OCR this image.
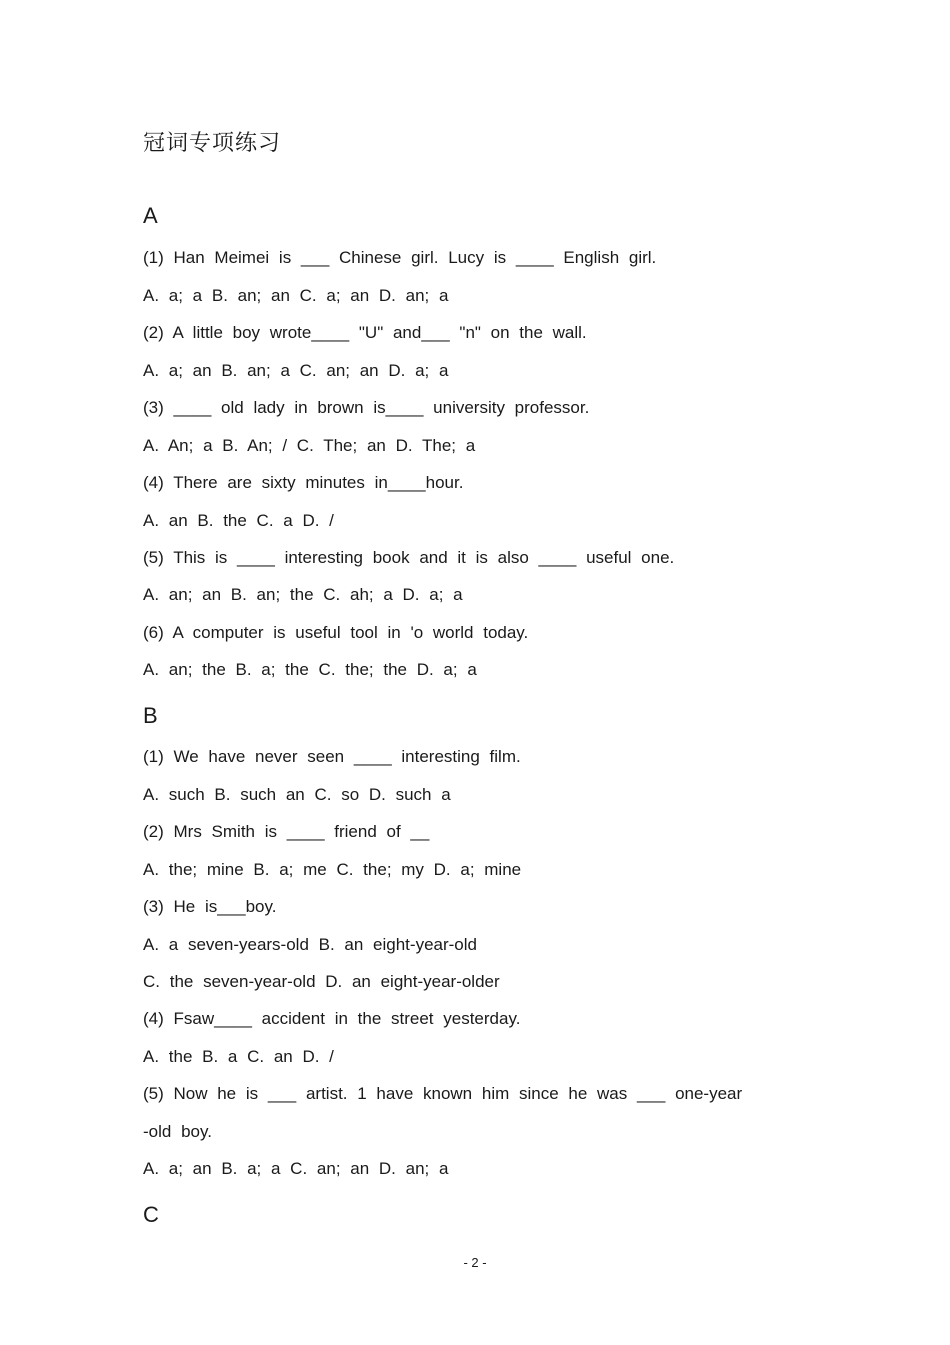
冠词专项练习
A
(1) Han Meimei is ___ Chinese girl. Lucy is ____ English girl.
A. a; a B. an; an C. a; an D. an; a
(2) A little boy wrote____ "U" and___ "n" on the wall.
A. a; an B. an; a C. an; an D. a; a
(3) ____ old lady in brown is____ university professor.
A. An; a B. An; / C. The; an D. The; a
(4) There are sixty minutes in____hour.
A. an B. the C. a D. /
(5) This is ____ interesting book and it is also ____ useful one.
A. an; an B. an; the C. ah; a D. a; a
(6) A computer is useful tool in 'o world today.
A. an; the B. a; the C. the; the D. a; a
B
(1) We have never seen ____ interesting film.
A. such B. such an C. so D. such a
(2) Mrs Smith is ____ friend of __
A. the; mine B. a; me C. the; my D. a; mine
(3) He is___boy.
A. a seven-years-old B. an eight-year-old
C. the seven-year-old D. an eight-year-older
(4) Fsaw____ accident in the street yesterday.
A. the B. a C. an D. /
(5) Now he is ___ artist. 1 have known him since he was ___ one-year
-old boy.
A. a; an B. a; a C. an; an D. an; a
C
- 2 -
